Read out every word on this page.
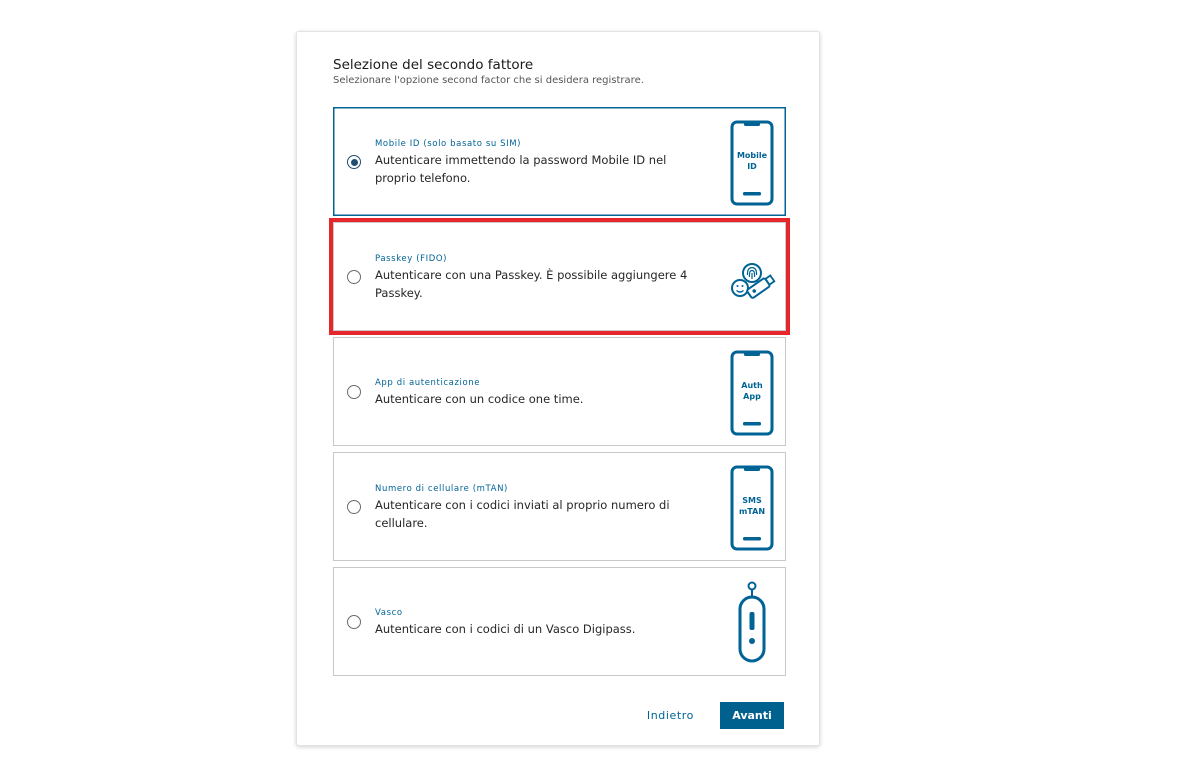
Selezione del secondo fattore

Selezionare l'opzione second factor che si desidera registrare.

Mobile ID (solo basato su SIM)
Autenticare immettendo la password Mobile ID nel proprio telefono.
Mobile
ID
Passkey (FIDO)
Autenticare con una Passkey. È possibile aggiungere 4 Passkey.
App di autenticazione
Autenticare con un codice one time.
Auth
App
Numero di cellulare (mTAN)
Autenticare con i codici inviati al proprio numero di cellulare.
SMS
mTAN
Vasco
Autenticare con i codici di un Vasco Digipass.
Indietro	Avanti
